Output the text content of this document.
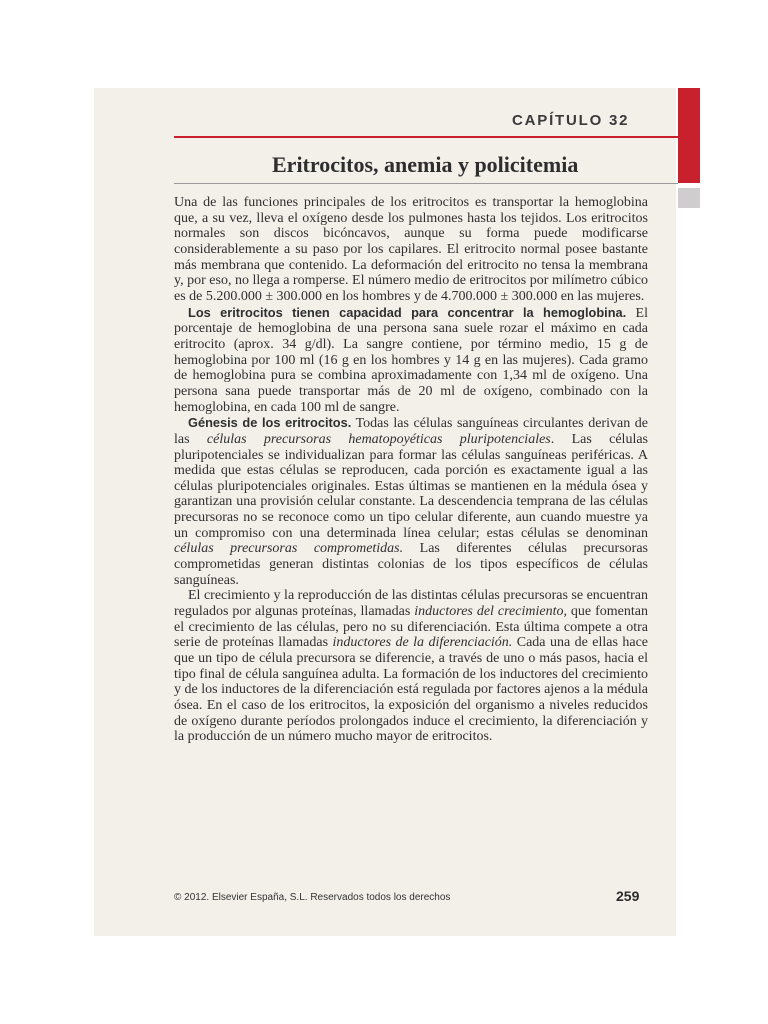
CAPÍTULO 32
Eritrocitos, anemia y policitemia

Una de las funciones principales de los eritrocitos es transportar la hemoglobina que, a su vez, lleva el oxígeno desde los pulmones hasta los tejidos. Los eritrocitos normales son discos bicóncavos, aunque su forma puede modificarse considerablemente a su paso por los capilares. El eritrocito normal posee bastante más membrana que contenido. La deformación del eritrocito no tensa la membrana y, por eso, no llega a romperse. El número medio de eritrocitos por milímetro cúbico es de 5.200.000 ± 300.000 en los hombres y de 4.700.000 ± 300.000 en las mujeres.

Los eritrocitos tienen capacidad para concentrar la hemoglobina. El porcentaje de hemoglobina de una persona sana suele rozar el máximo en cada eritrocito (aprox. 34 g/dl). La sangre contiene, por término medio, 15 g de hemoglobina por 100 ml (16 g en los hombres y 14 g en las mujeres). Cada gramo de hemoglobina pura se combina aproximadamente con 1,34 ml de oxígeno. Una persona sana puede transportar más de 20 ml de oxígeno, combinado con la hemoglobina, en cada 100 ml de sangre.

Génesis de los eritrocitos. Todas las células sanguíneas circulantes derivan de las células precursoras hematopoyéticas pluripotenciales. Las células pluripotenciales se individualizan para formar las células sanguíneas periféricas. A medida que estas células se reproducen, cada porción es exactamente igual a las células pluripotenciales originales. Estas últimas se mantienen en la médula ósea y garantizan una provisión celular constante. La descendencia temprana de las células precursoras no se reconoce como un tipo celular diferente, aun cuando muestre ya un compromiso con una determinada línea celular; estas células se denominan células precursoras comprometidas. Las diferentes células precursoras comprometidas generan distintas colonias de los tipos específicos de células sanguíneas.

El crecimiento y la reproducción de las distintas células precursoras se encuentran regulados por algunas proteínas, llamadas inductores del crecimiento, que fomentan el crecimiento de las células, pero no su diferenciación. Esta última compete a otra serie de proteínas llamadas inductores de la diferenciación. Cada una de ellas hace que un tipo de célula precursora se diferencie, a través de uno o más pasos, hacia el tipo final de célula sanguínea adulta. La formación de los inductores del crecimiento y de los inductores de la diferenciación está regulada por factores ajenos a la médula ósea. En el caso de los eritrocitos, la exposición del organismo a niveles reducidos de oxígeno durante períodos prolongados induce el crecimiento, la diferenciación y la producción de un número mucho mayor de eritrocitos.

© 2012. Elsevier España, S.L. Reservados todos los derechos	259
